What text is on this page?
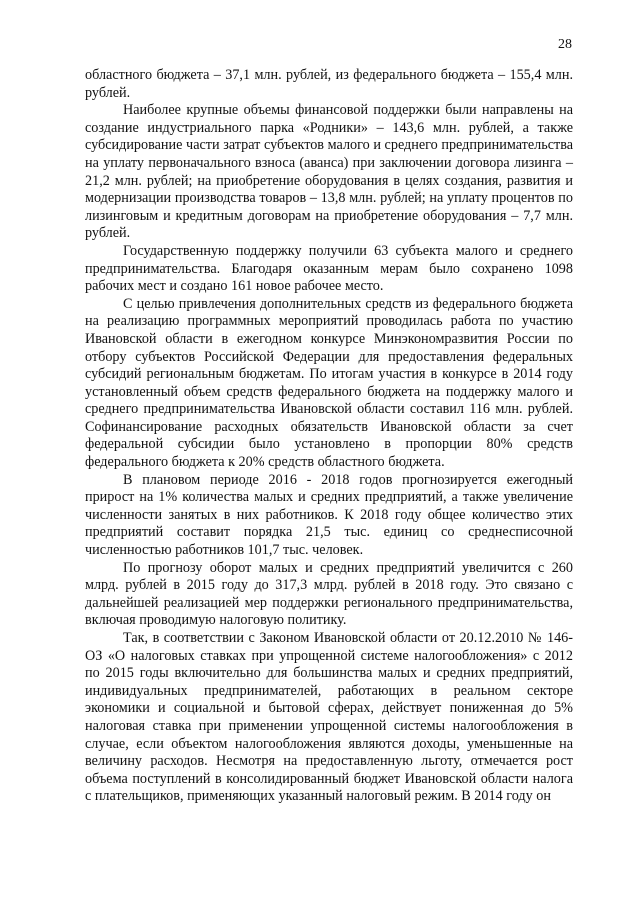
28

областного бюджета – 37,1 млн. рублей, из федерального бюджета – 155,4 млн. рублей.

Наиболее крупные объемы финансовой поддержки были направлены на создание индустриального парка «Родники» – 143,6 млн. рублей, а также субсидирование части затрат субъектов малого и среднего предпринимательства на уплату первоначального взноса (аванса) при заключении договора лизинга – 21,2 млн. рублей; на приобретение оборудования в целях создания, развития и модернизации производства товаров – 13,8 млн. рублей; на уплату процентов по лизинговым и кредитным договорам на приобретение оборудования – 7,7 млн. рублей.

Государственную поддержку получили 63 субъекта малого и среднего предпринимательства. Благодаря оказанным мерам было сохранено 1098 рабочих мест и создано 161 новое рабочее место.

С целью привлечения дополнительных средств из федерального бюджета на реализацию программных мероприятий проводилась работа по участию Ивановской области в ежегодном конкурсе Минэкономразвития России по отбору субъектов Российской Федерации для предоставления федеральных субсидий региональным бюджетам. По итогам участия в конкурсе в 2014 году установленный объем средств федерального бюджета на поддержку малого и среднего предпринимательства Ивановской области составил 116 млн. рублей. Софинансирование расходных обязательств Ивановской области за счет федеральной субсидии было установлено в пропорции 80% средств федерального бюджета к 20% средств областного бюджета.

В плановом периоде 2016 - 2018 годов прогнозируется ежегодный прирост на 1% количества малых и средних предприятий, а также увеличение численности занятых в них работников. К 2018 году общее количество этих предприятий составит порядка 21,5 тыс. единиц со среднесписочной численностью работников 101,7 тыс. человек.

По прогнозу оборот малых и средних предприятий увеличится с 260 млрд. рублей в 2015 году до 317,3 млрд. рублей в 2018 году. Это связано с дальнейшей реализацией мер поддержки регионального предпринимательства, включая проводимую налоговую политику.

Так, в соответствии с Законом Ивановской области от 20.12.2010 № 146-ОЗ «О налоговых ставках при упрощенной системе налогообложения» с 2012 по 2015 годы включительно для большинства малых и средних предприятий, индивидуальных предпринимателей, работающих в реальном секторе экономики и социальной и бытовой сферах, действует пониженная до 5% налоговая ставка при применении упрощенной системы налогообложения в случае, если объектом налогообложения являются доходы, уменьшенные на величину расходов. Несмотря на предоставленную льготу, отмечается рост объема поступлений в консолидированный бюджет Ивановской области налога с плательщиков, применяющих указанный налоговый режим. В 2014 году он
